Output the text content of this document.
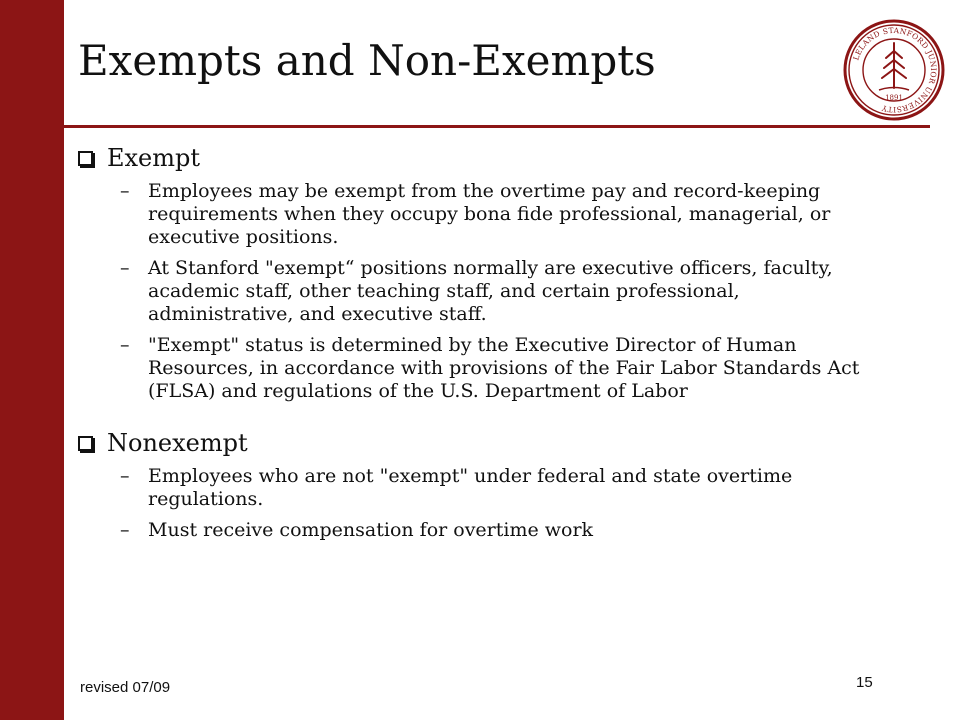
Exempts and Non-Exempts	LELAND STANFORD JUNIOR UNIVERSITY
1891
Exempt
– Employees may be exempt from the overtime pay and record-keeping requirements when they occupy bona fide professional, managerial, or executive positions.
– At Stanford "exempt“ positions normally are executive officers, faculty, academic staff, other teaching staff, and certain professional, administrative, and executive staff.
– "Exempt" status is determined by the Executive Director of Human Resources, in accordance with provisions of the Fair Labor Standards Act (FLSA) and regulations of the U.S. Department of Labor
Nonexempt
– Employees who are not "exempt" under federal and state overtime regulations.
– Must receive compensation for overtime work
revised 07/09	15
